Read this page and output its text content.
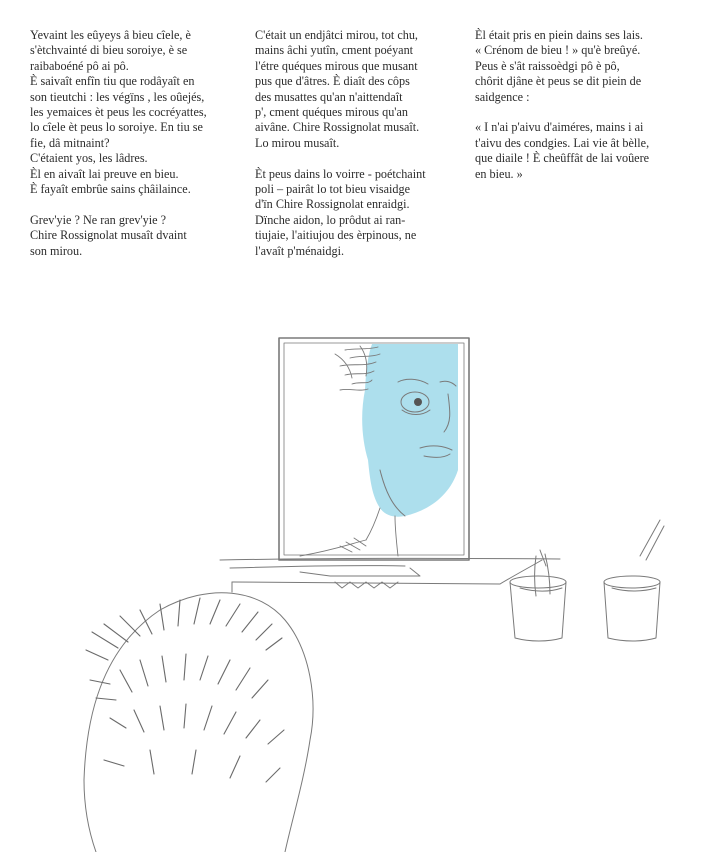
Yevaint les eûyeys â bieu cîele, è

s'ètchvainté di bieu soroiye, è se

raibaboéné pô ai pô.

È saivaît enfîn tiu que rodâyaît en

son tieutchi : les végïns , les oûejés,

les yemaices èt peus les cocréyattes,

lo cîele èt peus lo soroiye. En tiu se

fie, dâ mitnaint?

C'étaient yos, les lâdres.

Èl en aivaît lai preuve en bieu.

È fayaît embrûe sains çhâilaince.

Grev'yie ? Ne ran grev'yie ?

Chire Rossignolat musaît dvaint

son mirou.

C'était un endjâtci mirou, tot chu,

mains âchi yutîn, cment poéyant

l'étre quéques mirous que musant

pus que d'âtres. È diaît des côps

des musattes qu'an n'aittendaît

p', cment quéques mirous qu'an

aivâne. Chire Rossignolat musaît.

Lo mirou musaît.

Èt peus dains lo voirre - poétchaint

poli – pairât lo tot bieu visaidge

d'ïn Chire Rossignolat enraidgi.

Dïnche aidon, lo prôdut ai ran-

tiujaie, l'aitiujou des èrpinous, ne

l'avaît p'ménaidgi.

Èl était pris en piein dains ses lais.

« Crénom de bieu ! » qu'è breûyé.

Peus è s'ât raissoèdgi pô è pô,

chôrit djâne èt peus se dit piein de

saidgence :

« I n'ai p'aivu d'aiméres, mains i ai

t'aivu des condgies. Lai vie ât bèlle,

que diaile ! È cheûffât de lai voûere

en bieu. »
